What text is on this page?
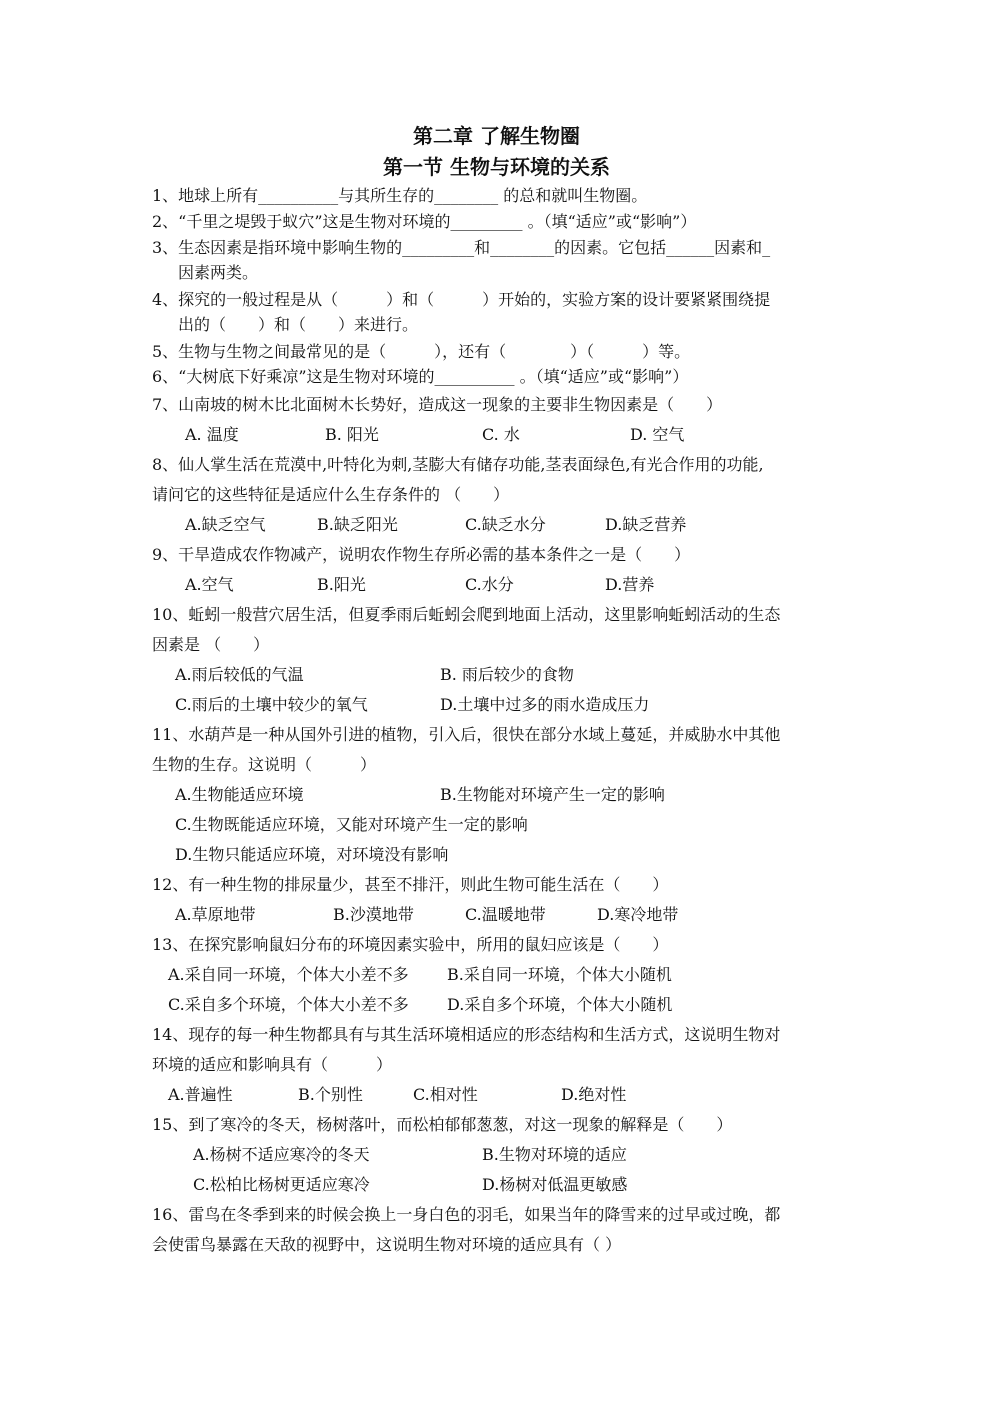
第二章 了解生物圈
第一节 生物与环境的关系
1、地球上所有__________与其所生存的________ 的总和就叫生物圈。
2、“千里之堤毁于蚁穴”这是生物对环境的_________ 。（填“适应”或“影响”）
3、生态因素是指环境中影响生物的_________和________的因素。它包括______因素和_
因素两类。
4、探究的一般过程是从（　　　）和（　　　）开始的，实验方案的设计要紧紧围绕提
出的（　　）和（　　）来进行。
5、生物与生物之间最常见的是（　　　），还有（　　　　）（　　　）等。
6、“大树底下好乘凉”这是生物对环境的__________ 。（填“适应”或“影响”）
7、山南坡的树木比北面树木长势好，造成这一现象的主要非生物因素是（　　）
A. 温度	B. 阳光	C. 水	D. 空气
8、仙人掌生活在荒漠中,叶特化为刺,茎膨大有储存功能,茎表面绿色,有光合作用的功能,
请问它的这些特征是适应什么生存条件的 （　　）
A.缺乏空气	B.缺乏阳光	C.缺乏水分	D.缺乏营养
9、干旱造成农作物减产，说明农作物生存所必需的基本条件之一是（　　）
A.空气	B.阳光	C.水分	D.营养
10、蚯蚓一般营穴居生活，但夏季雨后蚯蚓会爬到地面上活动，这里影响蚯蚓活动的生态
因素是 （　　）
A.雨后较低的气温	B. 雨后较少的食物
C.雨后的土壤中较少的氧气	D.土壤中过多的雨水造成压力
11、水葫芦是一种从国外引进的植物，引入后，很快在部分水域上蔓延，并威胁水中其他
生物的生存。这说明（　　　）
A.生物能适应环境	B.生物能对环境产生一定的影响
C.生物既能适应环境，又能对环境产生一定的影响
D.生物只能适应环境，对环境没有影响
12、有一种生物的排尿量少，甚至不排汗，则此生物可能生活在（　　）
A.草原地带	B.沙漠地带	C.温暖地带	D.寒冷地带
13、在探究影响鼠妇分布的环境因素实验中，所用的鼠妇应该是（　　）
A.采自同一环境，个体大小差不多 B.采自同一环境，个体大小随机
C.采自多个环境，个体大小差不多 D.采自多个环境，个体大小随机
14、现存的每一种生物都具有与其生活环境相适应的形态结构和生活方式，这说明生物对
环境的适应和影响具有（　　　）
A.普遍性	B.个别性	C.相对性	D.绝对性
15、到了寒冷的冬天，杨树落叶，而松柏郁郁葱葱，对这一现象的解释是（　　）
A.杨树不适应寒冷的冬天	B.生物对环境的适应
C.松柏比杨树更适应寒冷	D.杨树对低温更敏感
16、雷鸟在冬季到来的时候会换上一身白色的羽毛，如果当年的降雪来的过早或过晚，都
会使雷鸟暴露在天敌的视野中，这说明生物对环境的适应具有（ ）
